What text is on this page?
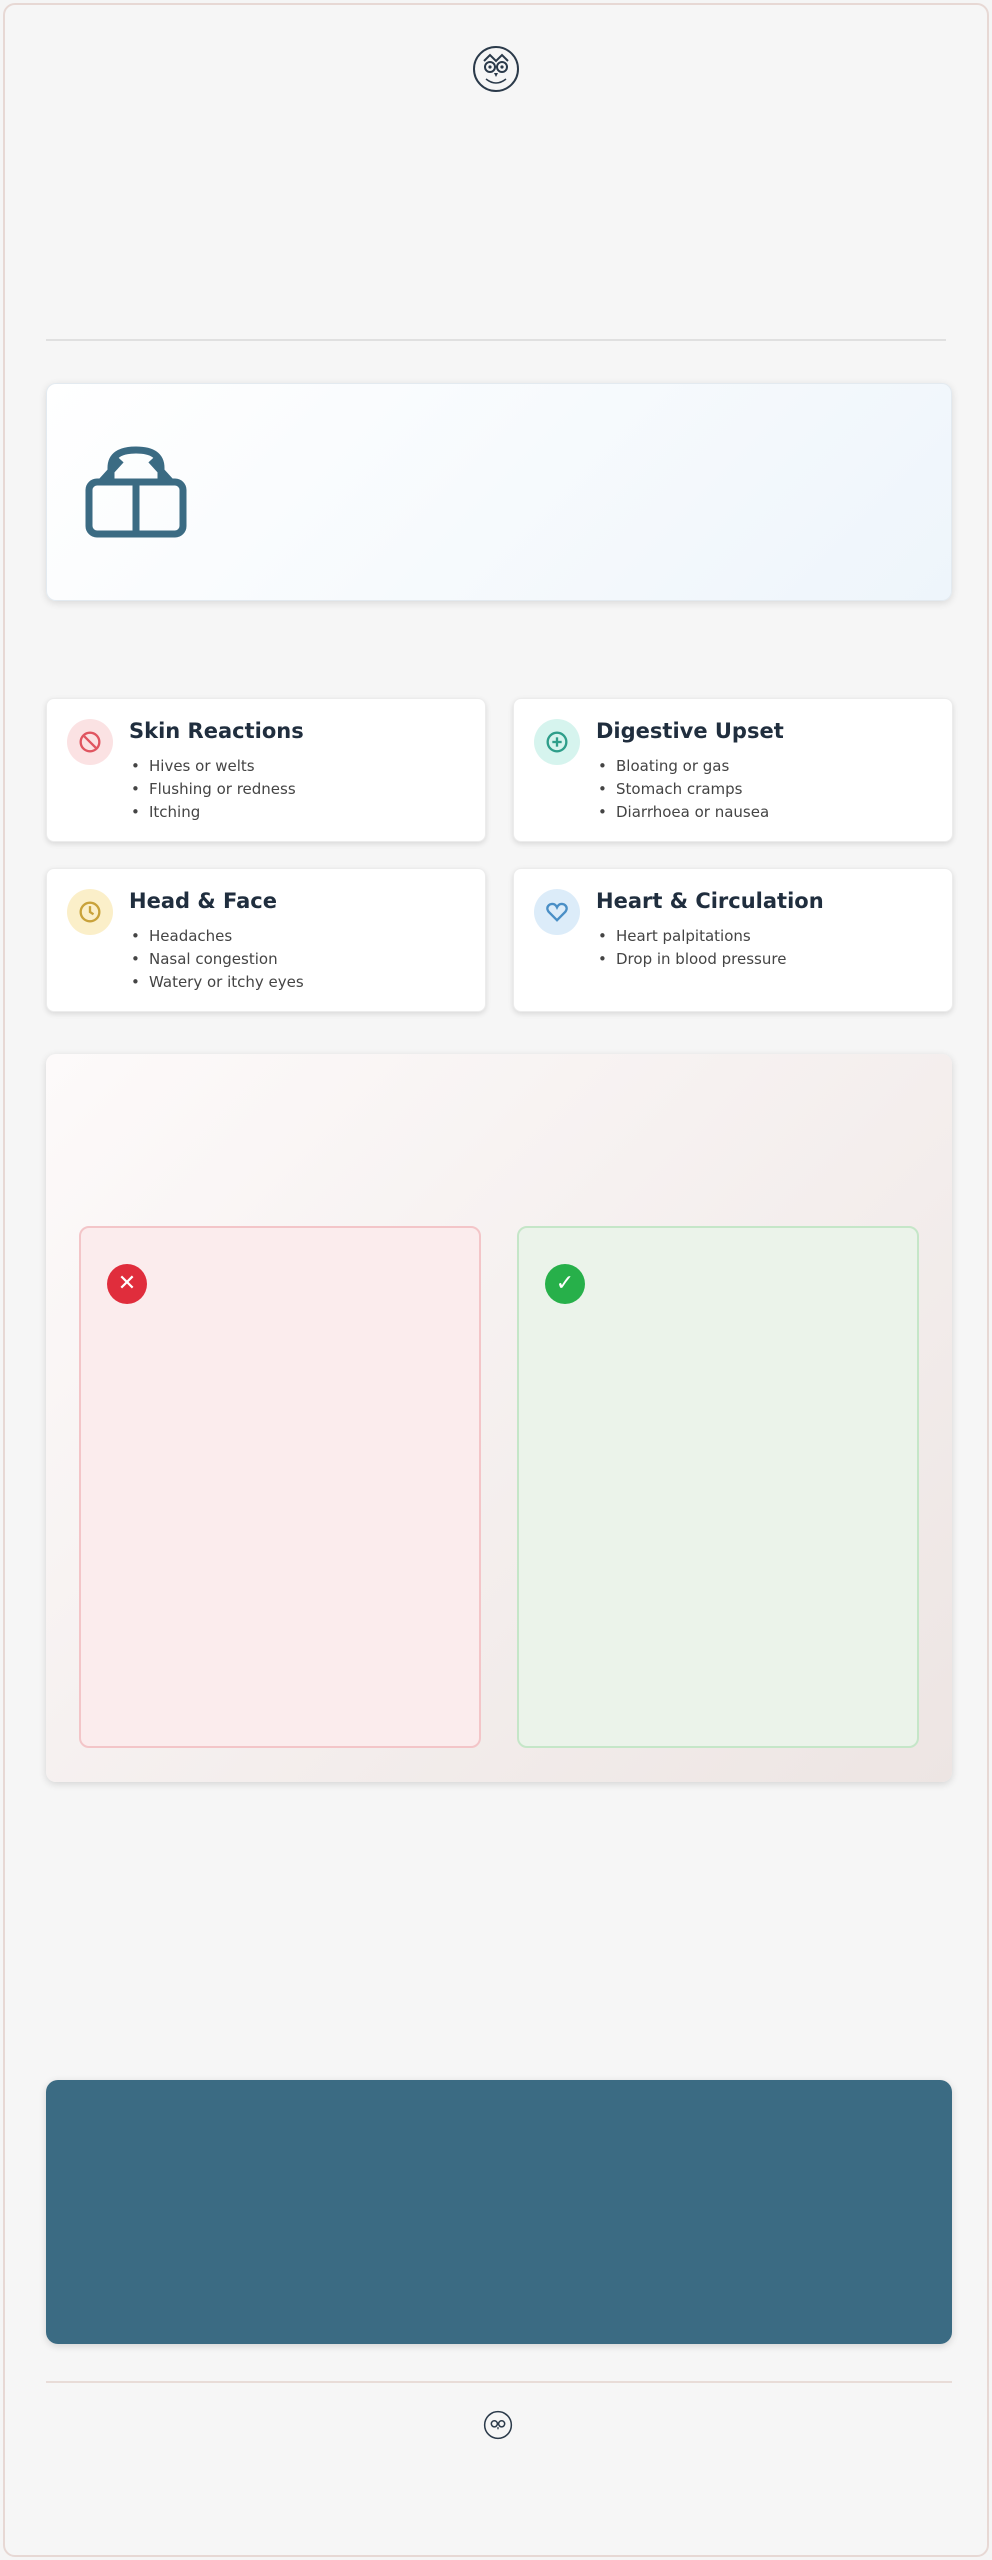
Skin Reactions
• Hives or welts
• Flushing or redness
• Itching
Digestive Upset
• Bloating or gas
• Stomach cramps
• Diarrhoea or nausea
Head & Face
• Headaches
• Nasal congestion
• Watery or itchy eyes
Heart & Circulation
• Heart palpitations
• Drop in blood pressure

✕	✓
